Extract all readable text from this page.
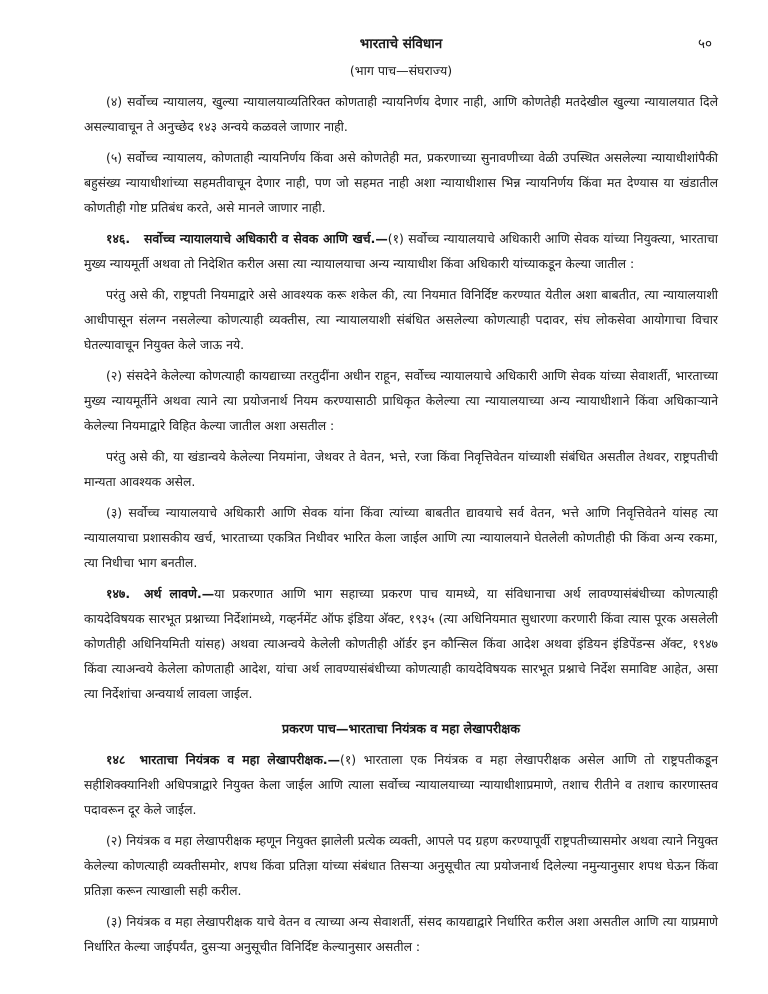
भारताचे संविधान	५०
(भाग पाच—संघराज्य)

(४) सर्वोच्च न्यायालय, खुल्या न्यायालयाव्यतिरिक्त कोणताही न्यायनिर्णय देणार नाही, आणि कोणतेही मतदेखील खुल्या न्यायालयात दिले असल्यावाचून ते अनुच्छेद १४३ अन्वये कळवले जाणार नाही.

(५) सर्वोच्च न्यायालय, कोणताही न्यायनिर्णय किंवा असे कोणतेही मत, प्रकरणाच्या सुनावणीच्या वेळी उपस्थित असलेल्या न्यायाधीशांपैकी बहुसंख्य न्यायाधीशांच्या सहमतीवाचून देणार नाही, पण जो सहमत नाही अशा न्यायाधीशास भिन्न न्यायनिर्णय किंवा मत देण्यास या खंडातील कोणतीही गोष्ट प्रतिबंध करते, असे मानले जाणार नाही.

१४६. सर्वोच्च न्यायालयाचे अधिकारी व सेवक आणि खर्च.—(१) सर्वोच्च न्यायालयाचे अधिकारी आणि सेवक यांच्या नियुक्त्या, भारताचा मुख्य न्यायमूर्ती अथवा तो निदेशित करील असा त्या न्यायालयाचा अन्य न्यायाधीश किंवा अधिकारी यांच्याकडून केल्या जातील :

परंतु असे की, राष्ट्रपती नियमाद्वारे असे आवश्यक करू शकेल की, त्या नियमात विनिर्दिष्ट करण्यात येतील अशा बाबतीत, त्या न्यायालयाशी आधीपासून संलग्न नसलेल्या कोणत्याही व्यक्तीस, त्या न्यायालयाशी संबंधित असलेल्या कोणत्याही पदावर, संघ लोकसेवा आयोगाचा विचार घेतल्यावाचून नियुक्त केले जाऊ नये.

(२) संसदेने केलेल्या कोणत्याही कायद्याच्या तरतुदींना अधीन राहून, सर्वोच्च न्यायालयाचे अधिकारी आणि सेवक यांच्या सेवाशर्ती, भारताच्या मुख्य न्यायमूर्तीने अथवा त्याने त्या प्रयोजनार्थ नियम करण्यासाठी प्राधिकृत केलेल्या त्या न्यायालयाच्या अन्य न्यायाधीशाने किंवा अधिकाऱ्याने केलेल्या नियमाद्वारे विहित केल्या जातील अशा असतील :

परंतु असे की, या खंडान्वये केलेल्या नियमांना, जेथवर ते वेतन, भत्ते, रजा किंवा निवृत्तिवेतन यांच्याशी संबंधित असतील तेथवर, राष्ट्रपतीची मान्यता आवश्यक असेल.

(३) सर्वोच्च न्यायालयाचे अधिकारी आणि सेवक यांना किंवा त्यांच्या बाबतीत द्यावयाचे सर्व वेतन, भत्ते आणि निवृत्तिवेतने यांसह त्या न्यायालयाचा प्रशासकीय खर्च, भारताच्या एकत्रित निधीवर भारित केला जाईल आणि त्या न्यायालयाने घेतलेली कोणतीही फी किंवा अन्य रकमा, त्या निधीचा भाग बनतील.

१४७. अर्थ लावणे.—या प्रकरणात आणि भाग सहाच्या प्रकरण पाच यामध्ये, या संविधानाचा अर्थ लावण्यासंबंधीच्या कोणत्याही कायदेविषयक सारभूत प्रश्नाच्या निर्देशांमध्ये, गव्हर्नमेंट ऑफ इंडिया अ‍ॅक्ट, १९३५ (त्या अधिनियमात सुधारणा करणारी किंवा त्यास पूरक असलेली कोणतीही अधिनियमिती यांसह) अथवा त्याअन्वये केलेली कोणतीही ऑर्डर इन कौन्सिल किंवा आदेश अथवा इंडियन इंडिपेंडन्स अ‍ॅक्ट, १९४७ किंवा त्याअन्वये केलेला कोणताही आदेश, यांचा अर्थ लावण्यासंबंधीच्या कोणत्याही कायदेविषयक सारभूत प्रश्नाचे निर्देश समाविष्ट आहेत, असा त्या निर्देशांचा अन्वयार्थ लावला जाईल.

प्रकरण पाच—भारताचा नियंत्रक व महा लेखापरीक्षक

१४८ भारताचा नियंत्रक व महा लेखापरीक्षक.—(१) भारताला एक नियंत्रक व महा लेखापरीक्षक असेल आणि तो राष्ट्रपतीकडून सहीशिक्क्यानिशी अधिपत्राद्वारे नियुक्त केला जाईल आणि त्याला सर्वोच्च न्यायालयाच्या न्यायाधीशाप्रमाणे, तशाच रीतीने व तशाच कारणास्तव पदावरून दूर केले जाईल.

(२) नियंत्रक व महा लेखापरीक्षक म्हणून नियुक्त झालेली प्रत्येक व्यक्ती, आपले पद ग्रहण करण्यापूर्वी राष्ट्रपतीच्यासमोर अथवा त्याने नियुक्त केलेल्या कोणत्याही व्यक्तीसमोर, शपथ किंवा प्रतिज्ञा यांच्या संबंधात तिसऱ्या अनुसूचीत त्या प्रयोजनार्थ दिलेल्या नमुन्यानुसार शपथ घेऊन किंवा प्रतिज्ञा करून त्याखाली सही करील.

(३) नियंत्रक व महा लेखापरीक्षक याचे वेतन व त्याच्या अन्य सेवाशर्ती, संसद कायद्याद्वारे निर्धारित करील अशा असतील आणि त्या याप्रमाणे निर्धारित केल्या जाईपर्यंत, दुसऱ्या अनुसूचीत विनिर्दिष्ट केल्यानुसार असतील :
